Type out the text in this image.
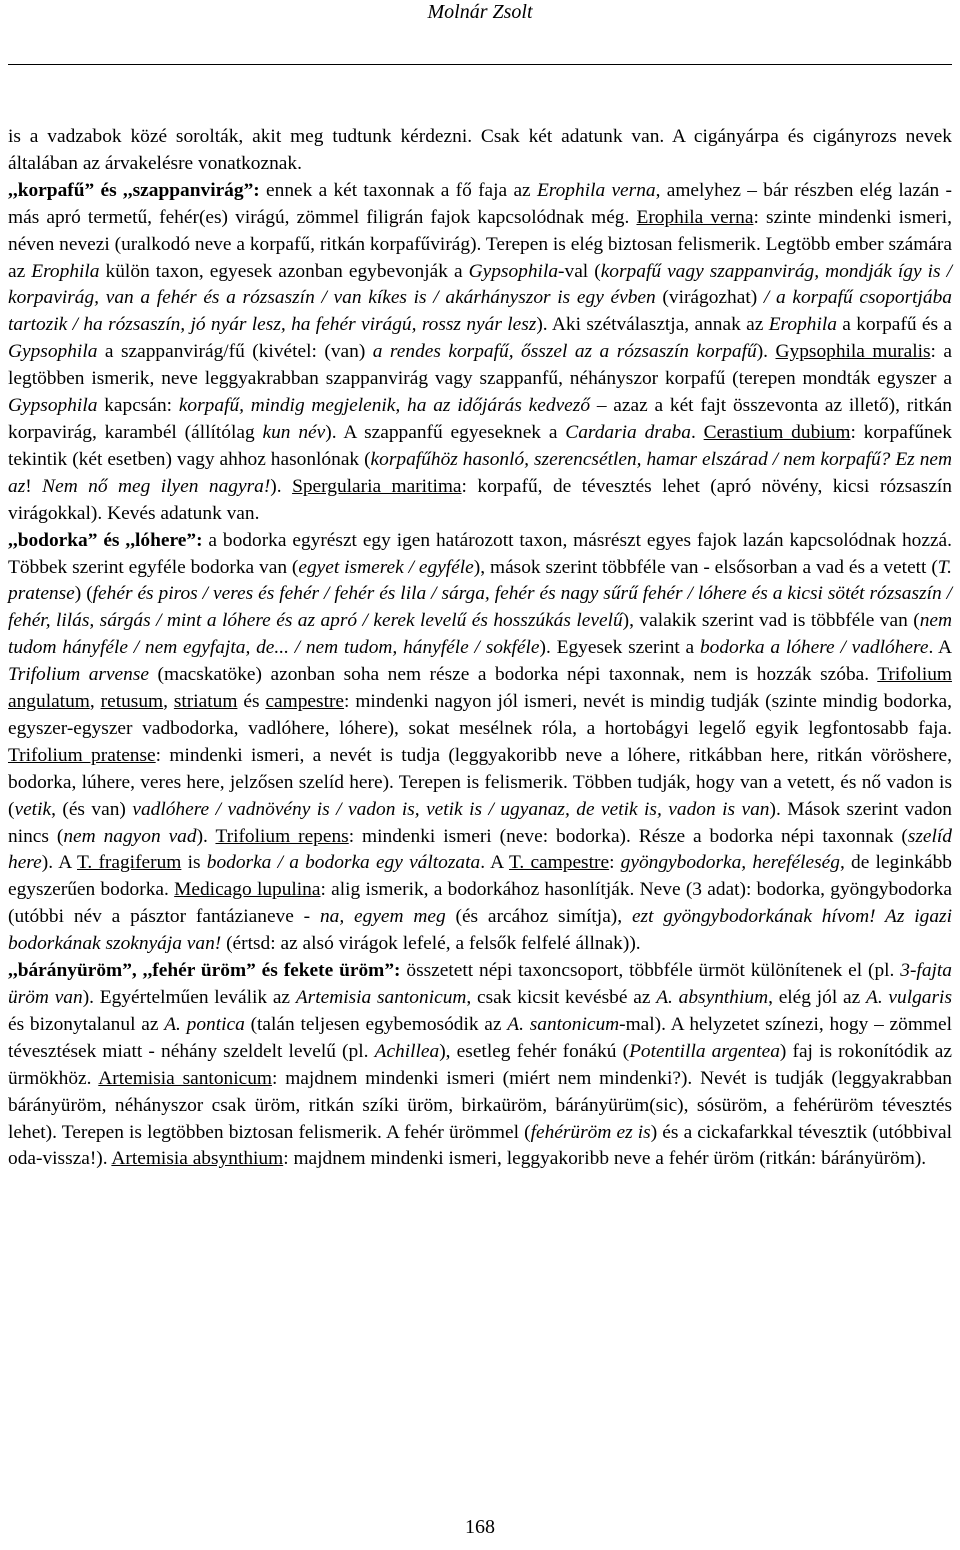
Molnár Zsolt

is a vadzabok közé sorolták, akit meg tudtunk kérdezni. Csak két adatunk van. A cigányárpa és cigányrozs nevek általában az árvakelésre vonatkoznak.

,,korpafű” és ,,szappanvirág”: ennek a két taxonnak a fő faja az Erophila verna, amelyhez – bár részben elég lazán - más apró termetű, fehér(es) virágú, zömmel filigrán fajok kapcsolódnak még. Erophila verna: szinte mindenki ismeri, néven nevezi (uralkodó neve a korpafű, ritkán korpafűvirág). Terepen is elég biztosan felismerik. Legtöbb ember számára az Erophila külön taxon, egyesek azonban egybevonják a Gypsophila-val (korpafű vagy szappanvirág, mondják így is / korpavirág, van a fehér és a rózsaszín / van kíkes is / akárhányszor is egy évben (virágozhat) / a korpafű csoportjába tartozik / ha rózsaszín, jó nyár lesz, ha fehér virágú, rossz nyár lesz). Aki szétválasztja, annak az Erophila a korpafű és a Gypsophila a szappanvirág/fű (kivétel: (van) a rendes korpafű, ősszel az a rózsaszín korpafű). Gypsophila muralis: a legtöbben ismerik, neve leggyakrabban szappanvirág vagy szappanfű, néhányszor korpafű (terepen mondták egyszer a Gypsophila kapcsán: korpafű, mindig megjelenik, ha az időjárás kedvező – azaz a két fajt összevonta az illető), ritkán korpavirág, karambél (állítólag kun név). A szappanfű egyeseknek a Cardaria draba. Cerastium dubium: korpafűnek tekintik (két esetben) vagy ahhoz hasonlónak (korpafűhöz hasonló, szerencsétlen, hamar elszárad / nem korpafű? Ez nem az! Nem nő meg ilyen nagyra!). Spergularia maritima: korpafű, de tévesztés lehet (apró növény, kicsi rózsaszín virágokkal). Kevés adatunk van.

,,bodorka” és ,,lóhere”: a bodorka egyrészt egy igen határozott taxon, másrészt egyes fajok lazán kapcsolódnak hozzá. Többek szerint egyféle bodorka van (egyet ismerek / egyféle), mások szerint többféle van - elsősorban a vad és a vetett (T. pratense) (fehér és piros / veres és fehér / fehér és lila / sárga, fehér és nagy sűrű fehér / lóhere és a kicsi sötét rózsaszín / fehér, lilás, sárgás / mint a lóhere és az apró / kerek levelű és hosszúkás levelű), valakik szerint vad is többféle van (nem tudom hányféle / nem egyfajta, de... / nem tudom, hányféle / sokféle). Egyesek szerint a bodorka a lóhere / vadlóhere. A Trifolium arvense (macskatöke) azonban soha nem része a bodorka népi taxonnak, nem is hozzák szóba. Trifolium angulatum, retusum, striatum és campestre: mindenki nagyon jól ismeri, nevét is mindig tudják (szinte mindig bodorka, egyszer-egyszer vadbodorka, vadlóhere, lóhere), sokat mesélnek róla, a hortobágyi legelő egyik legfontosabb faja. Trifolium pratense: mindenki ismeri, a nevét is tudja (leggyakoribb neve a lóhere, ritkábban here, ritkán vöröshere, bodorka, lúhere, veres here, jelzősen szelíd here). Terepen is felismerik. Többen tudják, hogy van a vetett, és nő vadon is (vetik, (és van) vadlóhere / vadnövény is / vadon is, vetik is / ugyanaz, de vetik is, vadon is van). Mások szerint vadon nincs (nem nagyon vad). Trifolium repens: mindenki ismeri (neve: bodorka). Része a bodorka népi taxonnak (szelíd here). A T. fragiferum is bodorka / a bodorka egy változata. A T. campestre: gyöngybodorka, hereféleség, de leginkább egyszerűen bodorka. Medicago lupulina: alig ismerik, a bodorkához hasonlítják. Neve (3 adat): bodorka, gyöngybodorka (utóbbi név a pásztor fantázianeve - na, egyem meg (és arcához simítja), ezt gyöngybodorkának hívom! Az igazi bodorkának szoknyája van! (értsd: az alsó virágok lefelé, a felsők felfelé állnak)).

,,bárányüröm”, ,,fehér üröm” és fekete üröm”: összetett népi taxoncsoport, többféle ürmöt különítenek el (pl. 3-fajta üröm van). Egyértelműen leválik az Artemisia santonicum, csak kicsit kevésbé az A. absynthium, elég jól az A. vulgaris és bizonytalanul az A. pontica (talán teljesen egybemosódik az A. santonicum-mal). A helyzetet színezi, hogy – zömmel tévesztések miatt - néhány szeldelt levelű (pl. Achillea), esetleg fehér fonákú (Potentilla argentea) faj is rokonítódik az ürmökhöz. Artemisia santonicum: majdnem mindenki ismeri (miért nem mindenki?). Nevét is tudják (leggyakrabban bárányüröm, néhányszor csak üröm, ritkán szíki üröm, birkaüröm, bárányürüm(sic), sósüröm, a fehérüröm tévesztés lehet). Terepen is legtöbben biztosan felismerik. A fehér ürömmel (fehérüröm ez is) és a cickafarkkal tévesztik (utóbbival oda-vissza!). Artemisia absynthium: majdnem mindenki ismeri, leggyakoribb neve a fehér üröm (ritkán: bárányüröm).

168
